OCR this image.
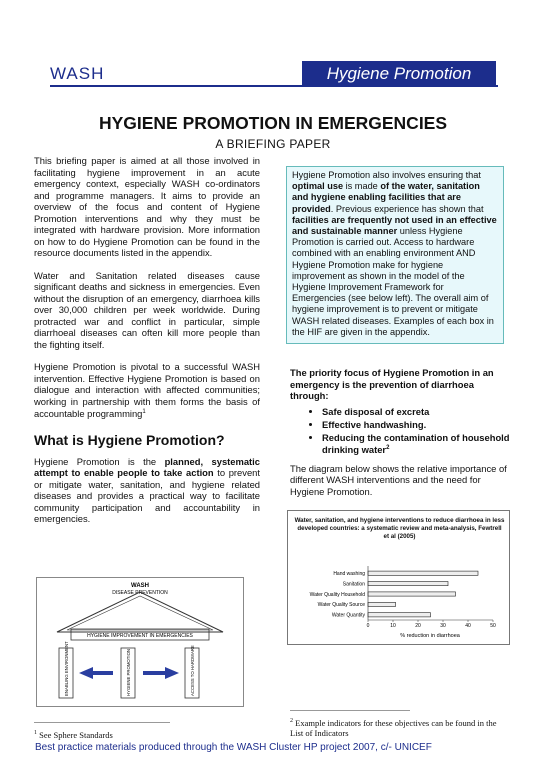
WASH	Hygiene Promotion
HYGIENE PROMOTION IN EMERGENCIES
A BRIEFING PAPER

This briefing paper is aimed at all those involved in facilitating hygiene improvement in an acute emergency context, especially WASH co-ordinators and programme managers. It aims to provide an overview of the focus and content of Hygiene Promotion interventions and why they must be integrated with hardware provision. More information on how to do Hygiene Promotion can be found in the resource documents listed in the appendix.

Water and Sanitation related diseases cause significant deaths and sickness in emergencies. Even without the disruption of an emergency, diarrhoea kills over 30,000 children per week worldwide. During protracted war and conflict in particular, simple diarrhoeal diseases can often kill more people than the fighting itself.

Hygiene Promotion is pivotal to a successful WASH intervention. Effective Hygiene Promotion is based on dialogue and interaction with affected communities; working in partnership with them forms the basis of accountable programming$^1$

What is Hygiene Promotion?

Hygiene Promotion is the planned, systematic attempt to enable people to take action to prevent or mitigate water, sanitation, and hygiene related diseases and provides a practical way to facilitate community participation and accountability in emergencies.

WASH
DISEASE PREVENTION
HYGIENE IMPROVEMENT IN EMERGENCIES
ENABLING ENVIRONMENT	HYGIENE PROMOTION	ACCESS TO HARDWARE

Hygiene Promotion also involves ensuring that optimal use is made of the water, sanitation and hygiene enabling facilities that are provided. Previous experience has shown that facilities are frequently not used in an effective and sustainable manner unless Hygiene Promotion is carried out. Access to hardware combined with an enabling environment AND Hygiene Promotion make for hygiene improvement as shown in the model of the Hygiene Improvement Framework for Emergencies (see below left). The overall aim of hygiene improvement is to prevent or mitigate WASH related diseases. Examples of each box in the HIF are given in the appendix.

The priority focus of Hygiene Promotion in an emergency is the prevention of diarrhoea through:

• Safe disposal of excreta
• Effective handwashing.
• Reducing the contamination of household drinking water$^2$

The diagram below shows the relative importance of different WASH interventions and the need for Hygiene Promotion.

Water, sanitation, and hygiene interventions to reduce diarrhoea in less developed countries: a systematic review and meta-analysis, Fewtrell et al (2005)
Hand washing
Sanitation
Water Quality Household
Water Quality Source
Water Quantity
0	10	20	30	40	50
% reduction in diarrhoea
$^1$ See Sphere Standards
$^2$ Example indicators for these objectives can be found in the List of Indicators
Best practice materials produced through the WASH Cluster HP project 2007, c/- UNICEF
